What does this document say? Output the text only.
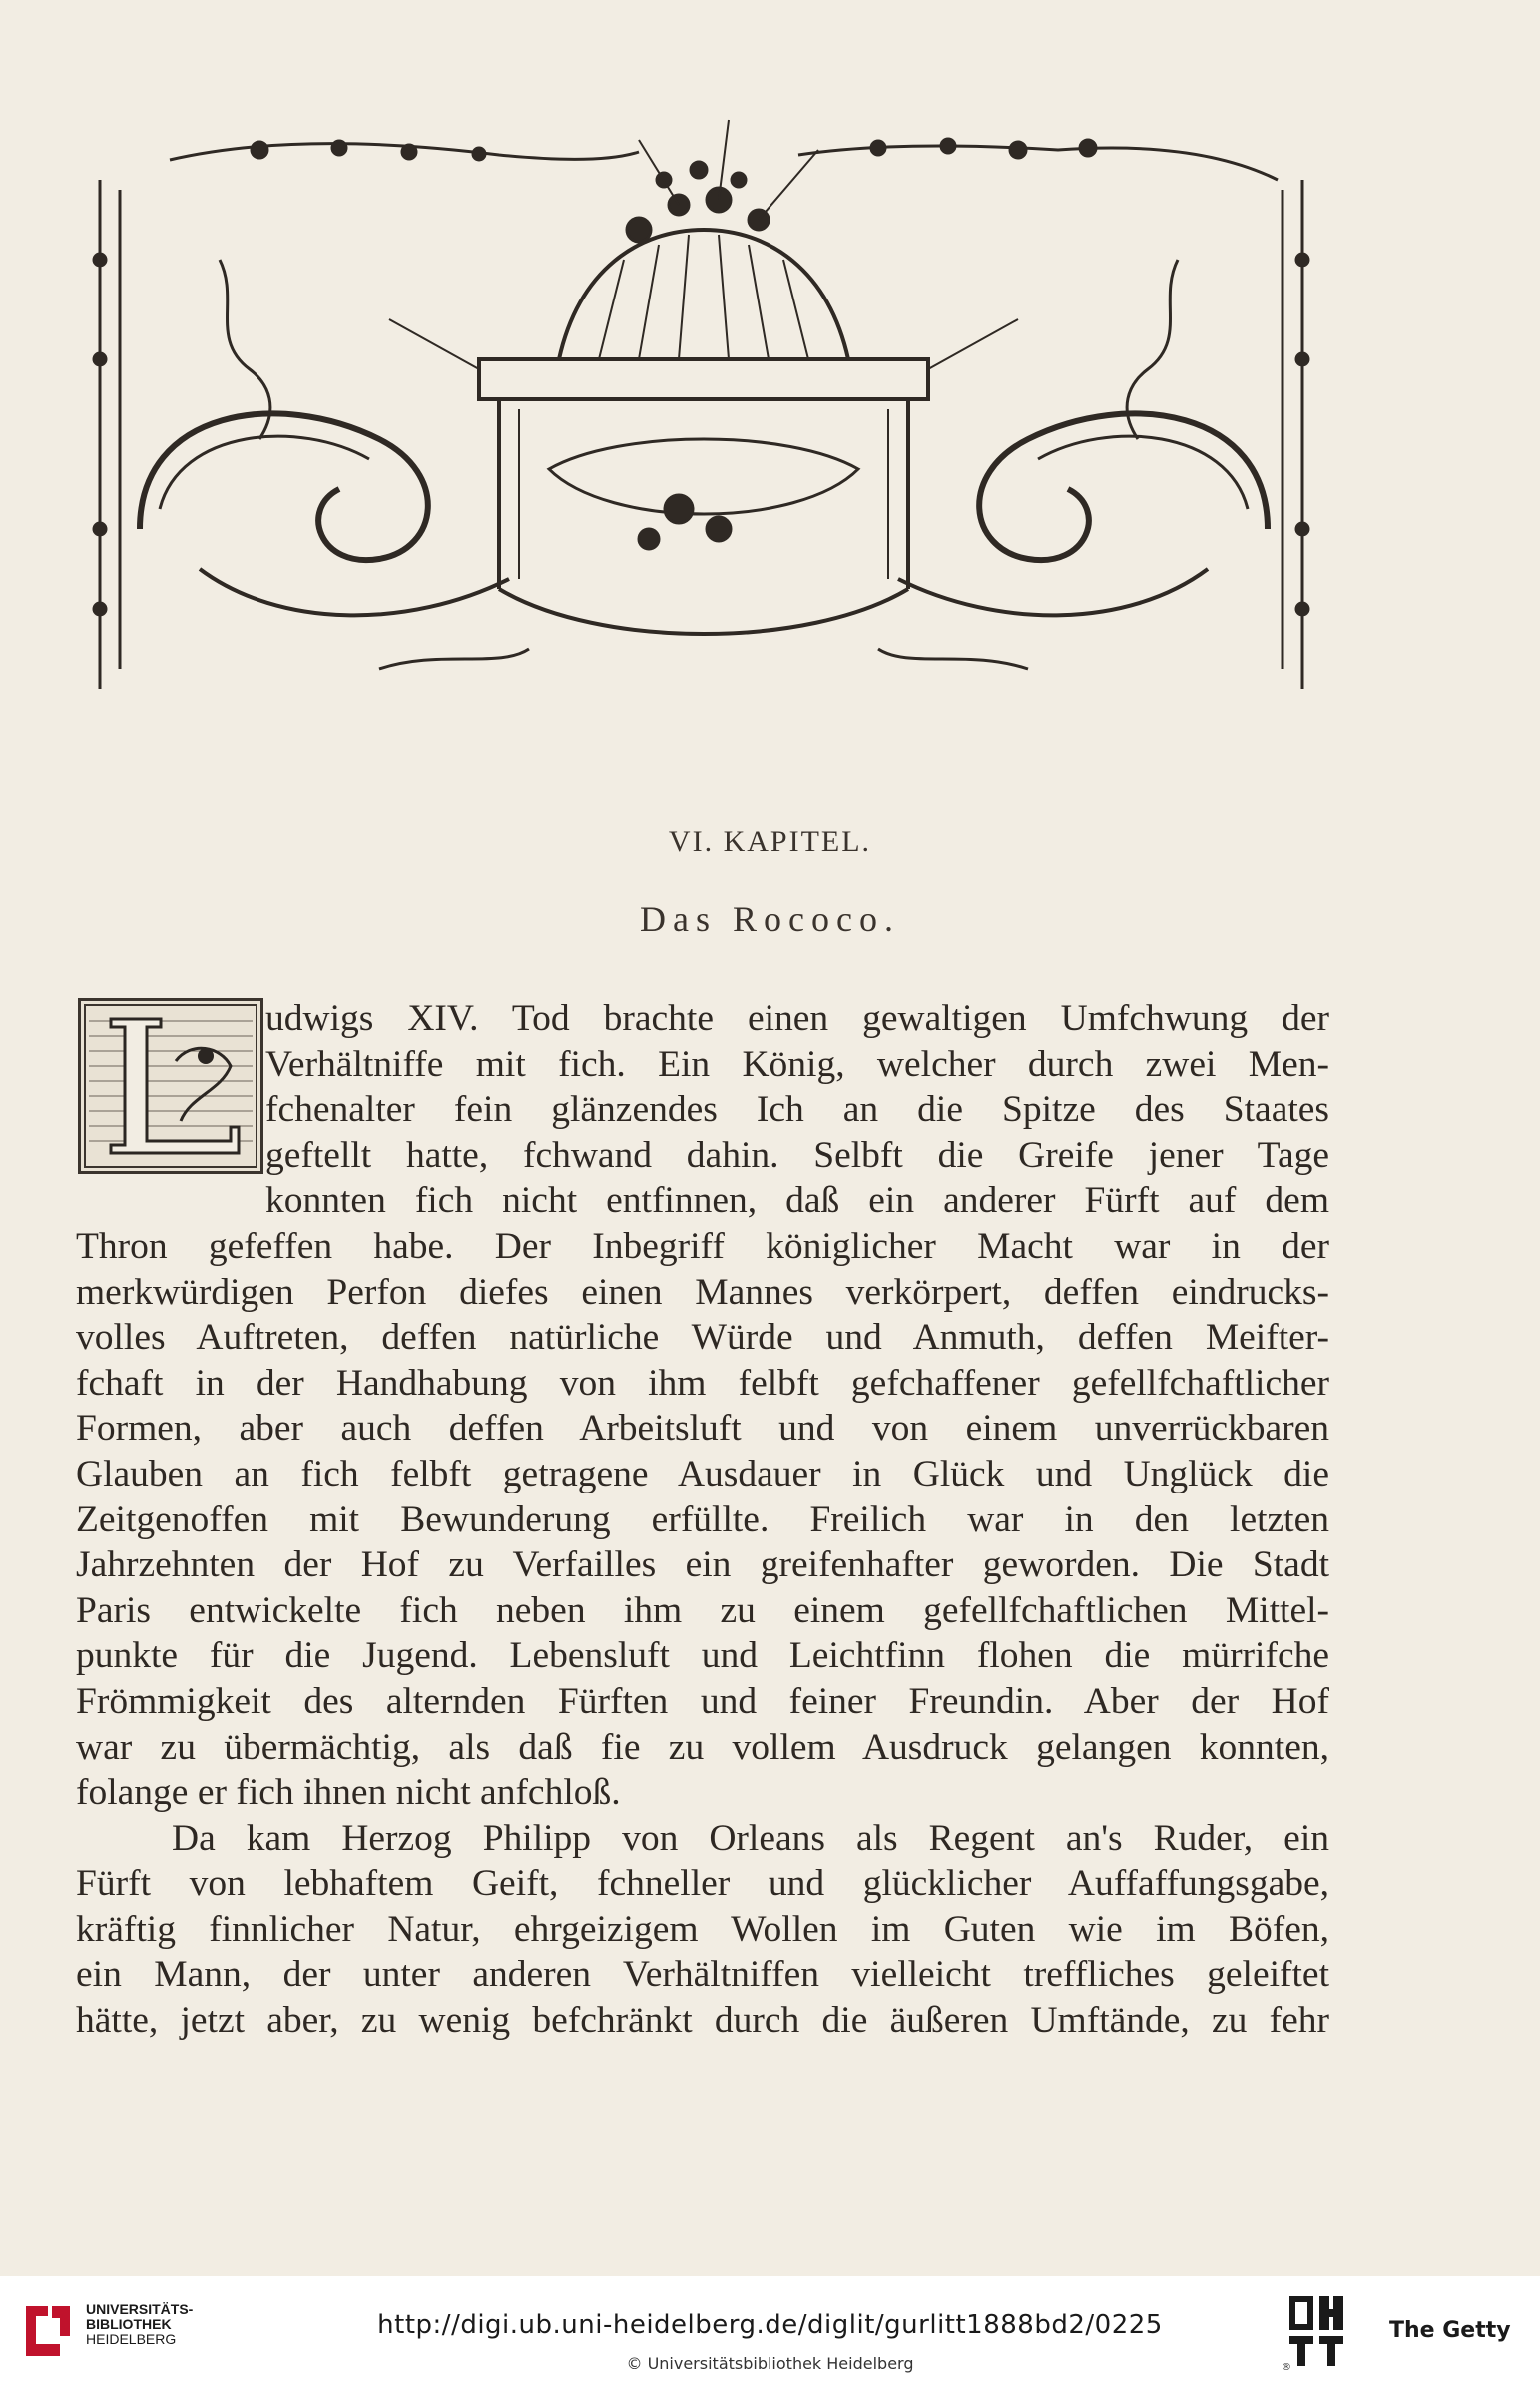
VI. KAPITEL.
Das Rococo.
udwigs XIV. Tod brachte einen gewaltigen Umfchwung der
Verhältniffe mit fich. Ein König, welcher durch zwei Men-
fchenalter fein glänzendes Ich an die Spitze des Staates
geftellt hatte, fchwand dahin. Selbft die Greife jener Tage
konnten fich nicht entfinnen, daß ein anderer Fürft auf dem
Thron gefeffen habe. Der Inbegriff königlicher Macht war in der
merkwürdigen Perfon diefes einen Mannes verkörpert, deffen eindrucks-
volles Auftreten, deffen natürliche Würde und Anmuth, deffen Meifter-
fchaft in der Handhabung von ihm felbft gefchaffener gefellfchaftlicher
Formen, aber auch deffen Arbeitsluft und von einem unverrückbaren
Glauben an fich felbft getragene Ausdauer in Glück und Unglück die
Zeitgenoffen mit Bewunderung erfüllte. Freilich war in den letzten
Jahrzehnten der Hof zu Verfailles ein greifenhafter geworden. Die Stadt
Paris entwickelte fich neben ihm zu einem gefellfchaftlichen Mittel-
punkte für die Jugend. Lebensluft und Leichtfinn flohen die mürrifche
Frömmigkeit des alternden Fürften und feiner Freundin. Aber der Hof
war zu übermächtig, als daß fie zu vollem Ausdruck gelangen konnten,
folange er fich ihnen nicht anfchloß.
Da kam Herzog Philipp von Orleans als Regent an's Ruder, ein
Fürft von lebhaftem Geift, fchneller und glücklicher Auffaffungsgabe,
kräftig finnlicher Natur, ehrgeizigem Wollen im Guten wie im Böfen,
ein Mann, der unter anderen Verhältniffen vielleicht treffliches geleiftet
hätte, jetzt aber, zu wenig befchränkt durch die äußeren Umftände, zu fehr
UNIVERSITÄTS-
BIBLIOTHEK
HEIDELBERG	http://digi.ub.uni-heidelberg.de/diglit/gurlitt1888bd2/0225
© Universitätsbibliothek Heidelberg	®
The Getty
